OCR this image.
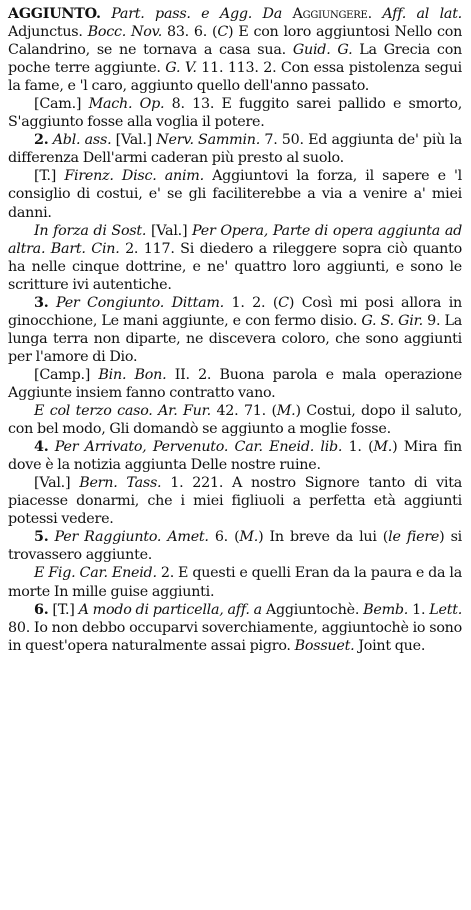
AGGIUNTO. Part. pass. e Agg. Da Aggiungere. Aff. al lat. Adjunctus. Bocc. Nov. 83. 6. (C) E con loro aggiuntosi Nello con Calandrino, se ne tornava a casa sua. Guid. G. La Grecia con poche terre aggiunte. G. V. 11. 113. 2. Con essa pistolenza segui la fame, e 'l caro, aggiunto quello dell'anno passato.

[Cam.] Mach. Op. 8. 13. E fuggito sarei pallido e smorto, S'aggiunto fosse alla voglia il potere.

2. Abl. ass. [Val.] Nerv. Sammin. 7. 50. Ed aggiunta de' più la differenza Dell'armi caderan più presto al suolo.

[T.] Firenz. Disc. anim. Aggiuntovi la forza, il sapere e 'l consiglio di costui, e' se gli faciliterebbe a via a venire a' miei danni.

In forza di Sost. [Val.] Per Opera, Parte di opera aggiunta ad altra. Bart. Cin. 2. 117. Si diedero a rileggere sopra ciò quanto ha nelle cinque dottrine, e ne' quattro loro aggiunti, e sono le scritture ivi autentiche.

3. Per Congiunto. Dittam. 1. 2. (C) Così mi posi allora in ginocchione, Le mani aggiunte, e con fermo disio. G. S. Gir. 9. La lunga terra non diparte, ne discevera coloro, che sono aggiunti per l'amore di Dio.

[Camp.] Bin. Bon. II. 2. Buona parola e mala operazione Aggiunte insiem fanno contratto vano.

E col terzo caso. Ar. Fur. 42. 71. (M.) Costui, dopo il saluto, con bel modo, Gli domandò se aggiunto a moglie fosse.

4. Per Arrivato, Pervenuto. Car. Eneid. lib. 1. (M.) Mira fin dove è la notizia aggiunta Delle nostre ruine.

[Val.] Bern. Tass. 1. 221. A nostro Signore tanto di vita piacesse donarmi, che i miei figliuoli a perfetta età aggiunti potessi vedere.

5. Per Raggiunto. Amet. 6. (M.) In breve da lui (le fiere) si trovassero aggiunte.

E Fig. Car. Eneid. 2. E questi e quelli Eran da la paura e da la morte In mille guise aggiunti.

6. [T.] A modo di particella, aff. a Aggiuntochè. Bemb. 1. Lett. 80. Io non debbo occuparvi soverchiamente, aggiuntochè io sono in quest'opera naturalmente assai pigro. Bossuet. Joint que.
